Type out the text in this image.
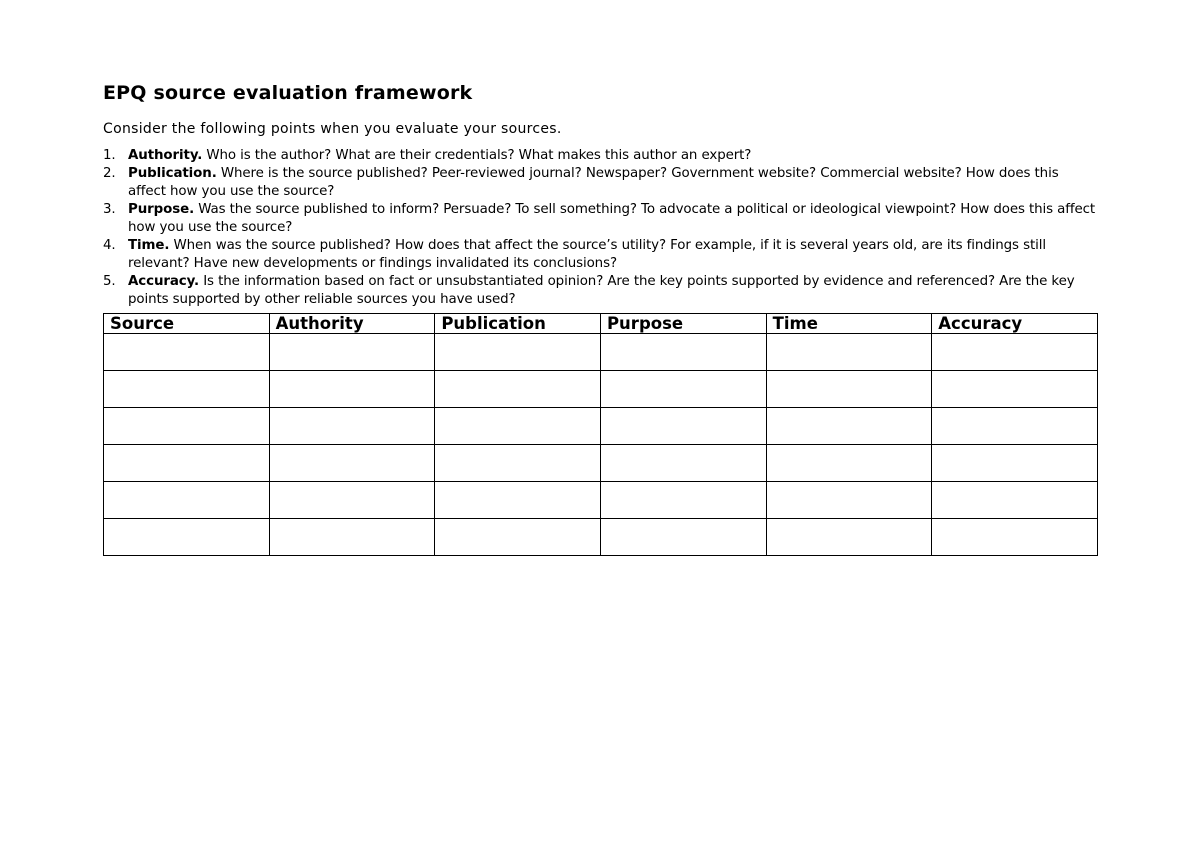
EPQ source evaluation framework

Consider the following points when you evaluate your sources.

1. Authority. Who is the author? What are their credentials? What makes this author an expert?
2. Publication. Where is the source published? Peer-reviewed journal? Newspaper? Government website? Commercial website? How does this affect how you use the source?
3. Purpose. Was the source published to inform? Persuade? To sell something? To advocate a political or ideological viewpoint? How does this affect how you use the source?
4. Time. When was the source published? How does that affect the source’s utility? For example, if it is several years old, are its findings still relevant? Have new developments or findings invalidated its conclusions?
5. Accuracy. Is the information based on fact or unsubstantiated opinion? Are the key points supported by evidence and referenced? Are the key points supported by other reliable sources you have used?
Source	Authority	Publication	Purpose	Time	Accuracy
